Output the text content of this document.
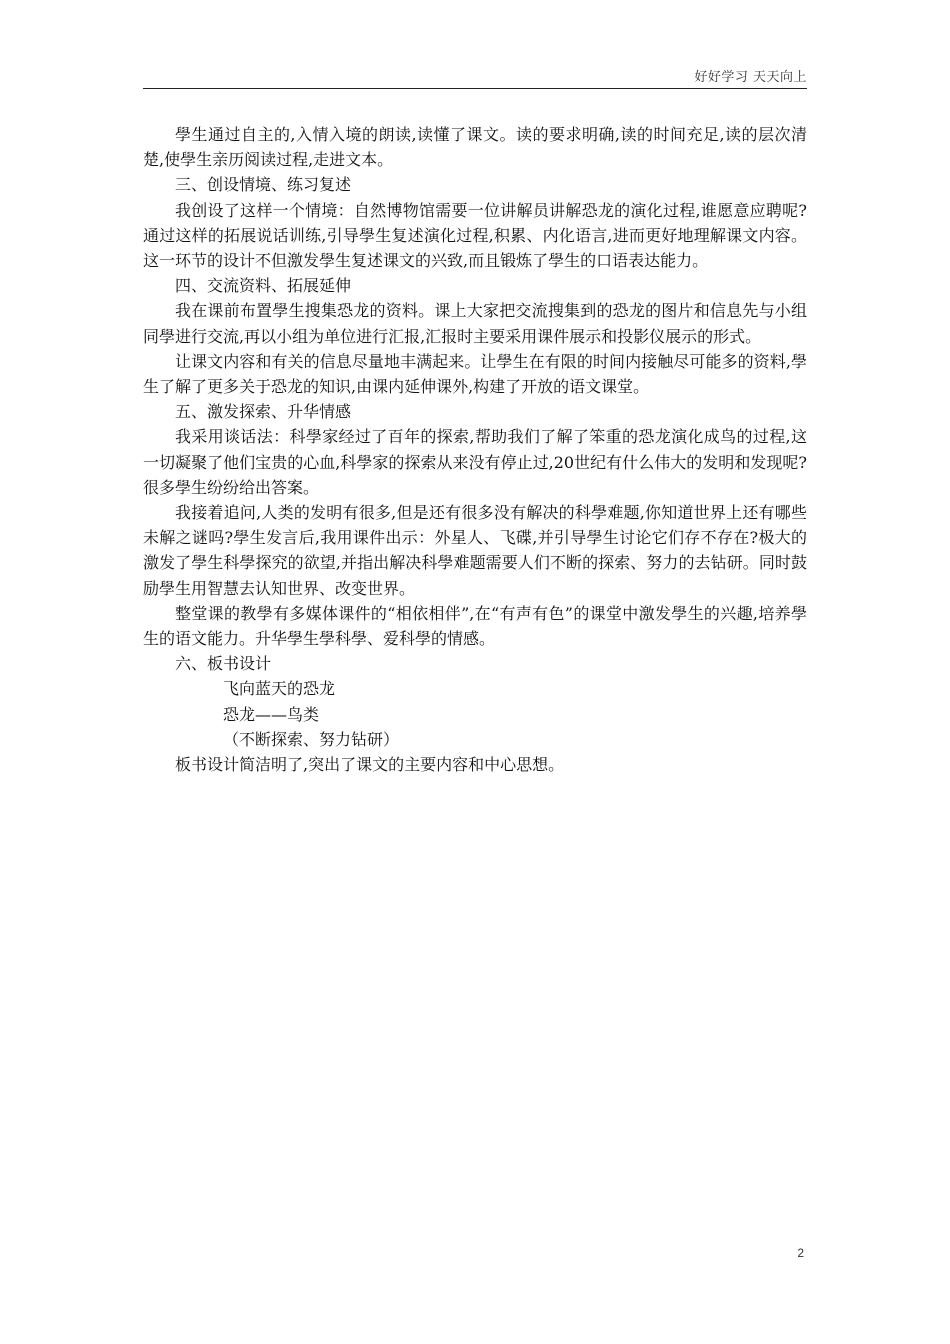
好好学习 天天向上

學生通过自主的,入情入境的朗读,读懂了课文。读的要求明确,读的时间充足,读的层次清楚,使學生亲历阅读过程,走进文本。

三、创设情境、练习复述

我创设了这样一个情境：自然博物馆需要一位讲解员讲解恐龙的演化过程,谁愿意应聘呢?通过这样的拓展说话训练,引导學生复述演化过程,积累、内化语言,进而更好地理解课文内容。这一环节的设计不但激发學生复述课文的兴致,而且锻炼了學生的口语表达能力。

四、交流资料、拓展延伸

我在课前布置學生搜集恐龙的资料。课上大家把交流搜集到的恐龙的图片和信息先与小组同學进行交流,再以小组为单位进行汇报,汇报时主要采用课件展示和投影仪展示的形式。

让课文内容和有关的信息尽量地丰满起来。让學生在有限的时间内接触尽可能多的资料,學生了解了更多关于恐龙的知识,由课内延伸课外,构建了开放的语文课堂。

五、激发探索、升华情感

我采用谈话法：科學家经过了百年的探索,帮助我们了解了笨重的恐龙演化成鸟的过程,这一切凝聚了他们宝贵的心血,科學家的探索从来没有停止过,20世纪有什么伟大的发明和发现呢?很多學生纷纷给出答案。

我接着追问,人类的发明有很多,但是还有很多没有解决的科學难题,你知道世界上还有哪些未解之谜吗?學生发言后,我用课件出示：外星人、飞碟,并引导學生讨论它们存不存在?极大的激发了學生科學探究的欲望,并指出解决科學难题需要人们不断的探索、努力的去钻研。同时鼓励學生用智慧去认知世界、改变世界。

整堂课的教學有多媒体课件的“相依相伴”,在“有声有色”的课堂中激发學生的兴趣,培养學生的语文能力。升华學生學科學、爱科學的情感。

六、板书设计

飞向蓝天的恐龙

恐龙——鸟类

（不断探索、努力钻研）

板书设计简洁明了,突出了课文的主要内容和中心思想。

2
